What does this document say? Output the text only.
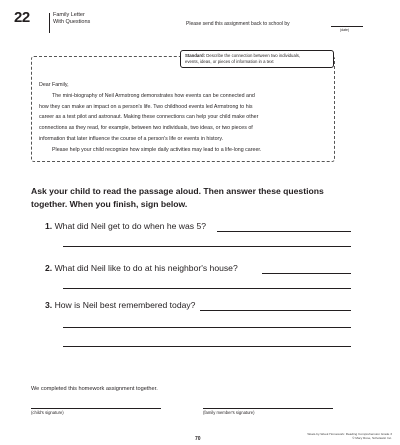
22	Family Letter
With Questions	Please send this assignment back to school by
(date)
Standard: Describe the connection between two individuals,
events, ideas, or pieces of information in a text

Dear Family,

The mini-biography of Neil Armstrong demonstrates how events can be connected and

how they can make an impact on a person's life. Two childhood events led Armstrong to his

career as a test pilot and astronaut. Making these connections can help your child make other

connections as they read, for example, between two individuals, two ideas, or two pieces of

information that later influence the course of a person's life or events in history.

Please help your child recognize how simple daily activities may lead to a life-long career.

Ask your child to read the passage aloud. Then answer these questions
together. When you finish, sign below.
1. What did Neil get to do when he was 5?
2. What did Neil like to do at his neighbor's house?
3. How is Neil best remembered today?
We completed this homework assignment together.
(child's signature)	(family member's signature)
70
Week-by-Week Homework: Reading Comprehension Grade 3
© Mary Rose, Scholastic Inc.
